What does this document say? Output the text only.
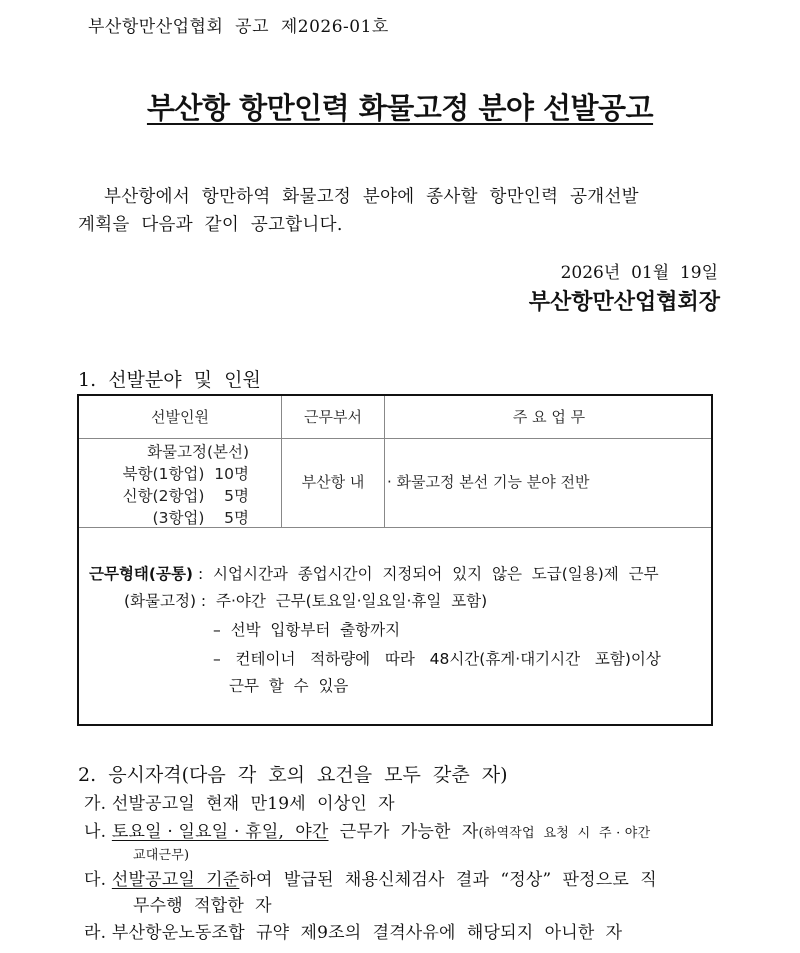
부산항만산업협회  공고  제2026-01호
부산항 항만인력 화물고정 분야 선발공고
부산항에서  항만하역  화물고정  분야에  종사할  항만인력  공개선발
계획을  다음과  같이  공고합니다.
2026년  01월  19일
부산항만산업협회장
1.  선발분야  및  인원
선발인원	근무부서	주 요 업 무
화물고정(본선)
북항(1항업)  10명
신항(2항업)    5명
(3항업)    5명
부산항 내	· 화물고정 본선 기능 분야 전반
근무형태(공통) :  시업시간과  종업시간이  지정되어  있지  않은  도급(일용)제  근무
(화물고정) :  주·야간  근무(토요일·일요일·휴일  포함)
–  선박  입항부터  출항까지
–   컨테이너   적하량에   따라   48시간(휴게·대기시간   포함)이상
근무  할  수  있음
2.  응시자격(다음  각  호의  요건을  모두  갖춘  자)
가. 선발공고일  현재  만19세  이상인  자
나. 토요일 · 일요일 · 휴일,  야간  근무가  가능한  자(하역작업  요청  시  주 · 야간
교대근무)
다. 선발공고일  기준하여  발급된  채용신체검사  결과  “정상”  판정으로  직
무수행  적합한  자
라. 부산항운노동조합  규약  제9조의  결격사유에  해당되지  아니한  자
